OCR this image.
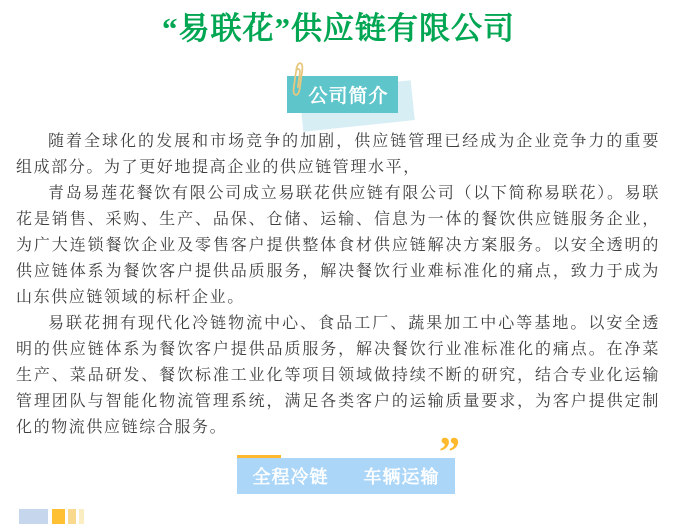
“易联花”供应链有限公司
公司简介

随着全球化的发展和市场竞争的加剧，供应链管理已经成为企业竞争力的重要组成部分。为了更好地提高企业的供应链管理水平，

青岛易莲花餐饮有限公司成立易联花供应链有限公司（以下简称易联花）。易联花是销售、采购、生产、品保、仓储、运输、信息为一体的餐饮供应链服务企业，为广大连锁餐饮企业及零售客户提供整体食材供应链解决方案服务。以安全透明的供应链体系为餐饮客户提供品质服务，解决餐饮行业难标准化的痛点，致力于成为山东供应链领域的标杆企业。

易联花拥有现代化冷链物流中心、食品工厂、蔬果加工中心等基地。以安全透明的供应链体系为餐饮客户提供品质服务，解决餐饮行业准标准化的痛点。在净菜生产、菜品研发、餐饮标准工业化等项目领域做持续不断的研究，结合专业化运输管理团队与智能化物流管理系统，满足各类客户的运输质量要求，为客户提供定制化的物流供应链综合服务。

全程冷链 车辆运输
”
